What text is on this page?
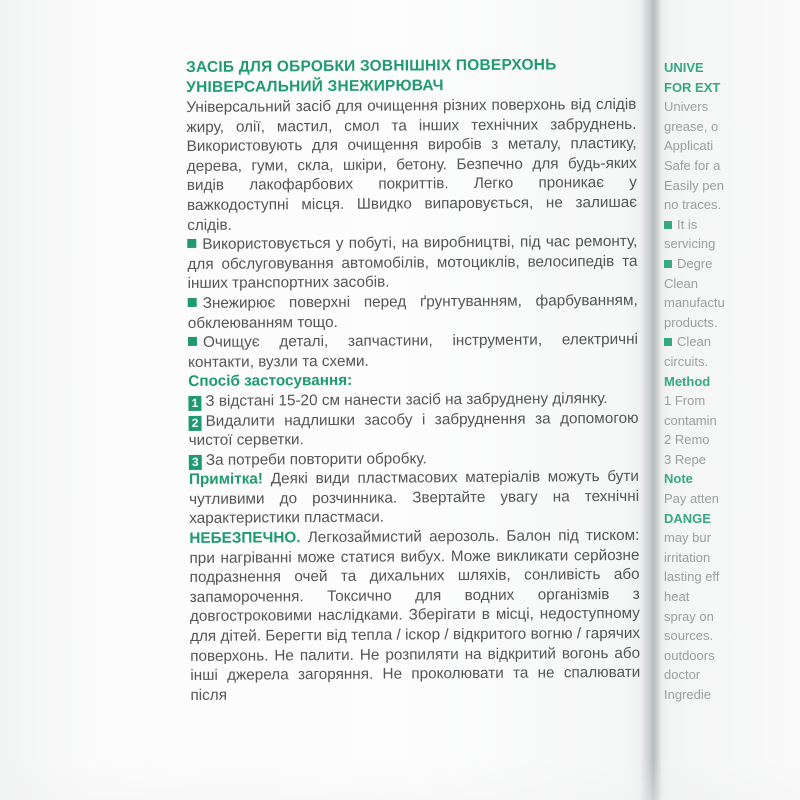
ЗАСІБ ДЛЯ ОБРОБКИ ЗОВНІШНІХ ПОВЕРХОНЬ
УНІВЕРСАЛЬНИЙ ЗНЕЖИРЮВАЧ

Універсальний засіб для очищення різних поверхонь від слідів жиру, олії, мастил, смол та інших технічних забруднень. Використовують для очищення виробів з металу, пластику, дерева, гуми, скла, шкіри, бетону. Безпечно для будь-яких видів лакофарбових покриттів. Легко проникає у важкодоступні місця. Швидко випаровується, не залишає слідів.

Використовується у побуті, на виробництві, під час ремонту, для обслуговування автомобілів, мотоциклів, велосипедів та інших транспортних засобів.

Знежирює поверхні перед ґрунтуванням, фарбуванням, обклеюванням тощо.

Очищує деталі, запчастини, інструменти, електричні контакти, вузли та схеми.

Спосіб застосування:

1 З відстані 15-20 см нанести засіб на забруднену ділянку.

2 Видалити надлишки засобу і забруднення за допомогою чистої серветки.

3 За потреби повторити обробку.

Примітка! Деякі види пластмасових матеріалів можуть бути чутливими до розчинника. Звертайте увагу на технічні характеристики пластмаси.

НЕБЕЗПЕЧНО. Легкозаймистий аерозоль. Балон під тиском: при нагріванні може статися вибух. Може викликати серйозне подразнення очей та дихальних шляхів, сонливість або запаморочення. Токсично для водних організмів з довгостроковими наслідками. Зберігати в місці, недоступному для дітей. Берегти від тепла / іскор / відкритого вогню / гарячих поверхонь. Не палити. Не розпиляти на відкритий вогонь або інші джерела загоряння. Не проколювати та не спалювати після

UNIVE
FOR EXT
Univers
grease, o
Applicati
Safe for a
Easily pen
no traces.
It is
servicing
Degre
Clean
manufactu
products.
Clean
circuits.
Method
1 From
contamin
2 Remo
3 Repe
Note
Pay atten
DANGE
may bur
irritation
lasting eff
heat
spray on
sources.
outdoors
doctor
Ingredie
